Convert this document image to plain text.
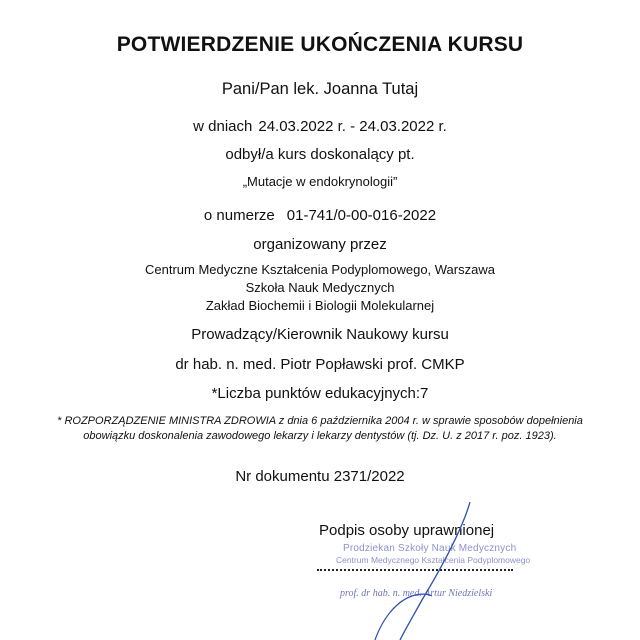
POTWIERDZENIE UKOŃCZENIA KURSU
Pani/Pan lek. Joanna Tutaj
w dniach 24.03.2022 r. - 24.03.2022 r.
odbył/a kurs doskonalący pt.
„Mutacje w endokrynologii”
o numerze 01-741/0-00-016-2022
organizowany przez
Centrum Medyczne Kształcenia Podyplomowego, Warszawa
Szkoła Nauk Medycznych
Zakład Biochemii i Biologii Molekularnej
Prowadzący/Kierownik Naukowy kursu
dr hab. n. med. Piotr Popławski prof. CMKP
*Liczba punktów edukacyjnych:7
* ROZPORZĄDZENIE MINISTRA ZDROWIA z dnia 6 października 2004 r. w sprawie sposobów dopełnienia obowiązku doskonalenia zawodowego lekarzy i lekarzy dentystów (tj. Dz. U. z 2017 r. poz. 1923).
Nr dokumentu 2371/2022
Podpis osoby uprawnionej
Prodziekan Szkoły Nauk Medycznych
Centrum Medycznego Kształcenia Podyplomowego
prof. dr hab. n. med. Artur Niedzielski
